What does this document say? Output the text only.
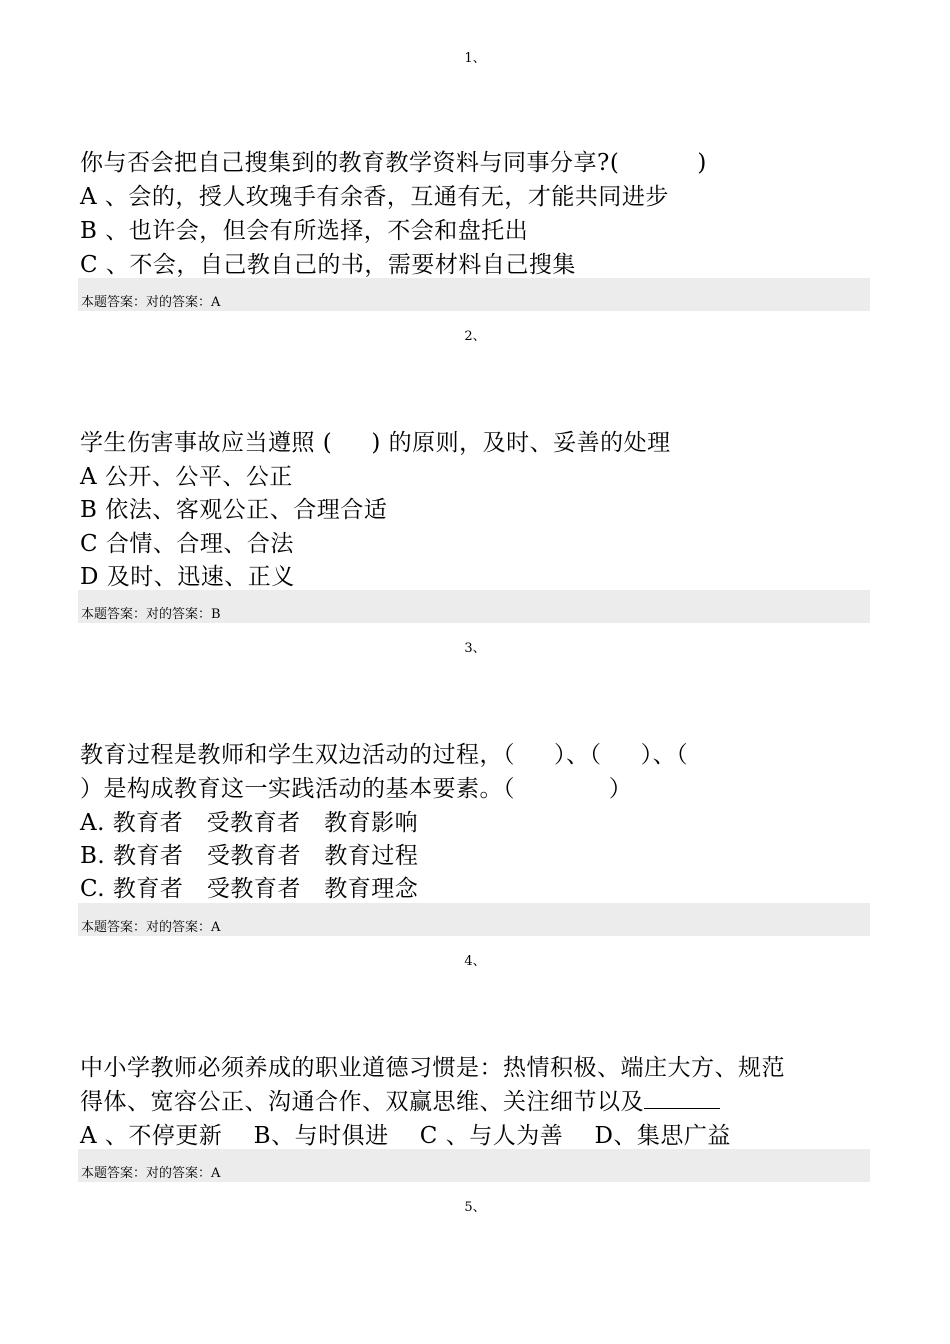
1、
你与否会把自己搜集到的教育教学资料与同事分享?(          )
A 、会的，授人玫瑰手有余香，互通有无，才能共同进步
B 、也许会，但会有所选择，不会和盘托出
C 、不会，自己教自己的书，需要材料自己搜集
本题答案：对的答案：A
2、
学生伤害事故应当遵照 (     ) 的原则，及时、妥善的处理
A 公开、公平、公正
B 依法、客观公正、合理合适
C 合情、合理、合法
D 及时、迅速、正义
本题答案：对的答案：B
3、
教育过程是教师和学生双边活动的过程，（     ）、（     ）、（
）是构成教育这一实践活动的基本要素。（            ）
A. 教育者   受教育者   教育影响
B. 教育者   受教育者   教育过程
C. 教育者   受教育者   教育理念
本题答案：对的答案：A
4、
中小学教师必须养成的职业道德习惯是：热情积极、端庄大方、规范
得体、宽容公正、沟通合作、双赢思维、关注细节以及
A 、不停更新    B、与时俱进    C 、与人为善    D、集思广益
本题答案：对的答案：A
5、
